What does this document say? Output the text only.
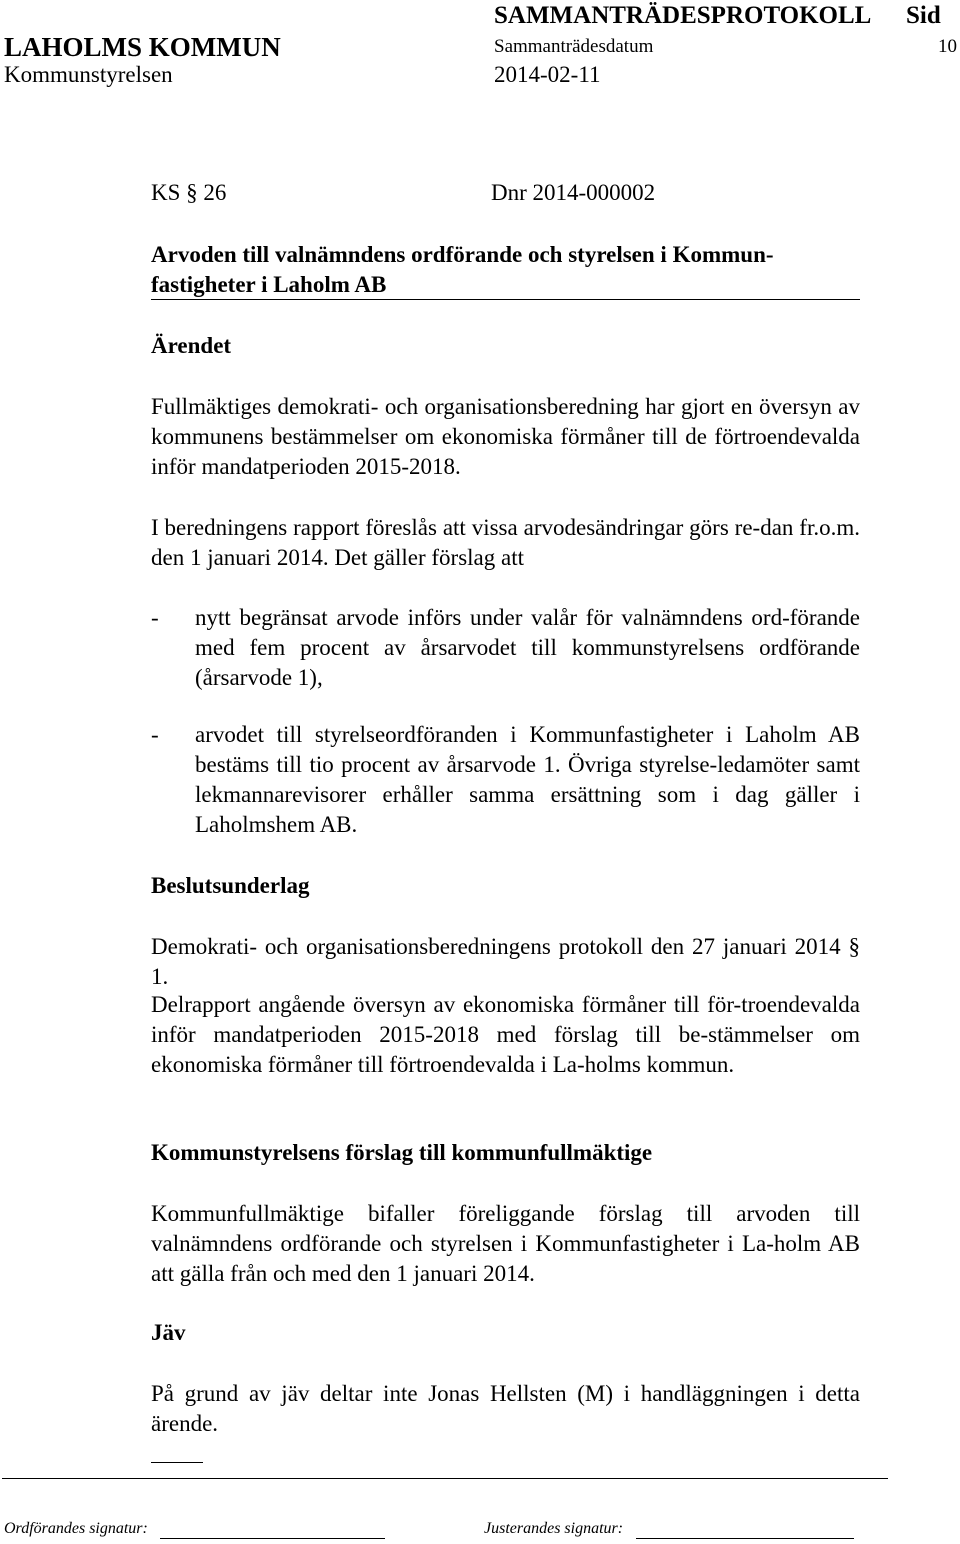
SAMMANTRÄDESPROTOKOLL Sid
LAHOLMS KOMMUN	Sammanträdesdatum	10
Kommunstyrelsen	2014-02-11
KS § 26	Dnr 2014-000002
Arvoden till valnämndens ordförande och styrelsen i Kommun-fastigheter i Laholm AB
Ärendet
Fullmäktiges demokrati- och organisationsberedning har gjort en översyn av kommunens bestämmelser om ekonomiska förmåner till de förtroendevalda inför mandatperioden 2015-2018.
I beredningens rapport föreslås att vissa arvodesändringar görs re-dan fr.o.m. den 1 januari 2014. Det gäller förslag att
- nytt begränsat arvode införs under valår för valnämndens ord-förande med fem procent av årsarvodet till kommunstyrelsens ordförande (årsarvode 1),
- arvodet till styrelseordföranden i Kommunfastigheter i Laholm AB bestäms till tio procent av årsarvode 1. Övriga styrelse-ledamöter samt lekmannarevisorer erhåller samma ersättning som i dag gäller i Laholmshem AB.
Beslutsunderlag
Demokrati- och organisationsberedningens protokoll den 27 januari 2014 § 1.
Delrapport angående översyn av ekonomiska förmåner till för-troendevalda inför mandatperioden 2015-2018 med förslag till be-stämmelser om ekonomiska förmåner till förtroendevalda i La-holms kommun.
Kommunstyrelsens förslag till kommunfullmäktige
Kommunfullmäktige bifaller föreliggande förslag till arvoden till valnämndens ordförande och styrelsen i Kommunfastigheter i La-holm AB att gälla från och med den 1 januari 2014.
Jäv
På grund av jäv deltar inte Jonas Hellsten (M) i handläggningen i detta ärende.
Ordförandes signatur:	Justerandes signatur:
